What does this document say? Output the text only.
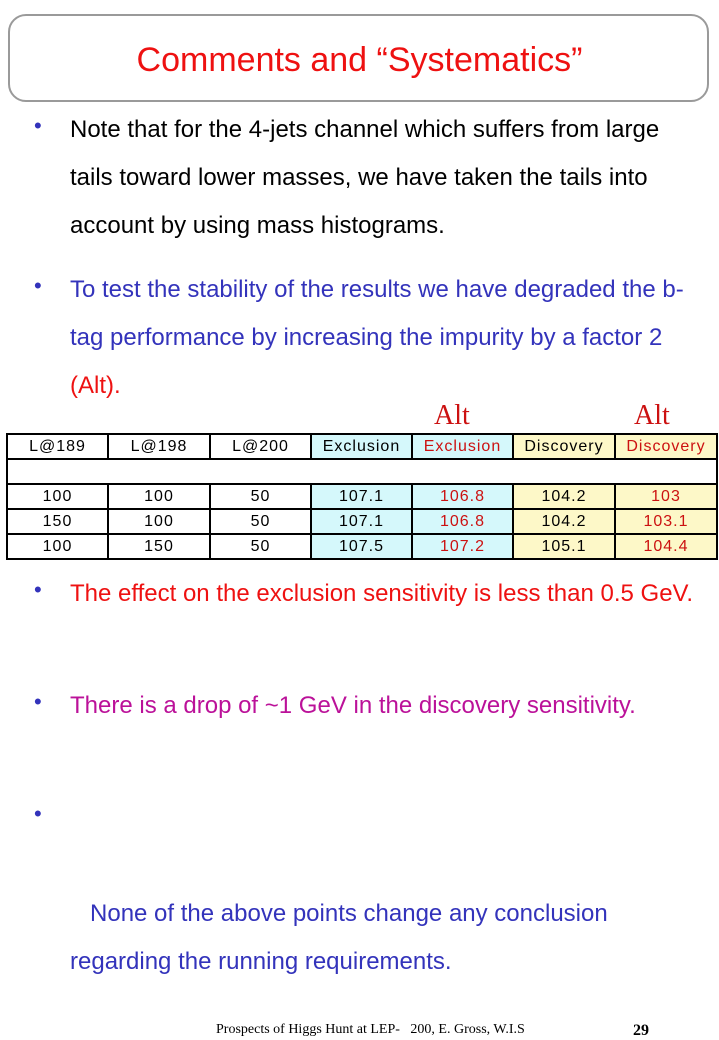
Comments and “Systematics”
• Note that for the 4-jets channel which suffers from large tails toward lower masses, we have taken the tails into account by using mass histograms.
• To test the stability of the results we have degraded the b-tag performance by increasing the impurity by a factor 2 (Alt).
Alt	Alt
L@189	L@198	L@200	Exclusion	Exclusion	Discovery	Discovery

100	100	50	107.1	106.8	104.2	103
150	100	50	107.1	106.8	104.2	103.1
100	150	50	107.5	107.2	105.1	104.4
• The effect on the exclusion sensitivity is less than 0.5 GeV.
• There is a drop of ~1 GeV in the discovery sensitivity.

•

None of the above points change any conclusion regarding the running requirements.

Prospects of Higgs Hunt at LEP-   200, E. Gross, W.I.S	29
